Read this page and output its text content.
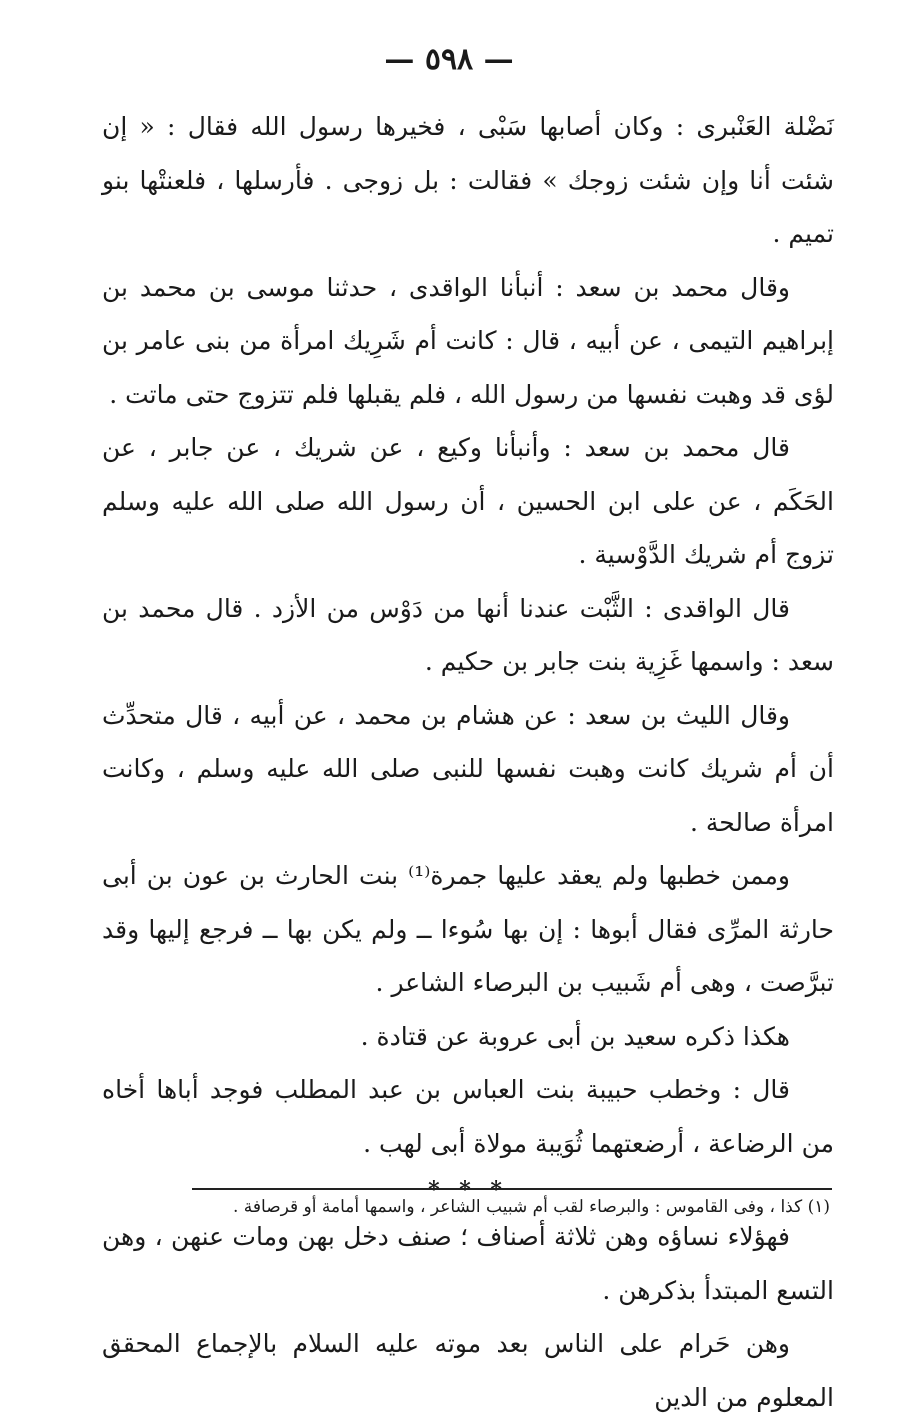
— ٥٩٨ —

نَضْلة العَنْبرى : وكان أصابها سَبْى ، فخيرها رسول الله فقال : « إن شئت أنا وإن شئت زوجك » فقالت : بل زوجى . فأرسلها ، فلعنتْها بنو تميم .

وقال محمد بن سعد : أنبأنا الواقدى ، حدثنا موسى بن محمد بن إبراهيم التيمى ، عن أبيه ، قال : كانت أم شَرِيك امرأة من بنى عامر بن لؤى قد وهبت نفسها من رسول الله ، فلم يقبلها فلم تتزوج حتى ماتت .

قال محمد بن سعد : وأنبأنا وكيع ، عن شريك ، عن جابر ، عن الحَكَم ، عن على ابن الحسين ، أن رسول الله صلى الله عليه وسلم تزوج أم شريك الدَّوْسية .

قال الواقدى : الثَّبْت عندنا أنها من دَوْس من الأزد . قال محمد بن سعد : واسمها غَزِية بنت جابر بن حكيم .

وقال الليث بن سعد : عن هشام بن محمد ، عن أبيه ، قال متحدِّث أن أم شريك كانت وهبت نفسها للنبى صلى الله عليه وسلم ، وكانت امرأة صالحة .

وممن خطبها ولم يعقد عليها جمرة⁽¹⁾ بنت الحارث بن عون بن أبى حارثة المرِّى فقال أبوها : إن بها سُوءا ــ ولم يكن بها ــ فرجع إليها وقد تبرَّصت ، وهى أم شَبيب بن البرصاء الشاعر .

هكذا ذكره سعيد بن أبى عروبة عن قتادة .

قال : وخطب حبيبة بنت العباس بن عبد المطلب فوجد أباها أخاه من الرضاعة ، أرضعتهما ثُوَيبة مولاة أبى لهب .

* * *

فهؤلاء نساؤه وهن ثلاثة أصناف ؛ صنف دخل بهن ومات عنهن ، وهن التسع المبتدأ بذكرهن .

وهن حَرام على الناس بعد موته عليه السلام بالإجماع المحقق المعلوم من الدين

(١) كذا ، وفى القاموس : والبرصاء لقب أم شبيب الشاعر ، واسمها أمامة أو قرصافة .
